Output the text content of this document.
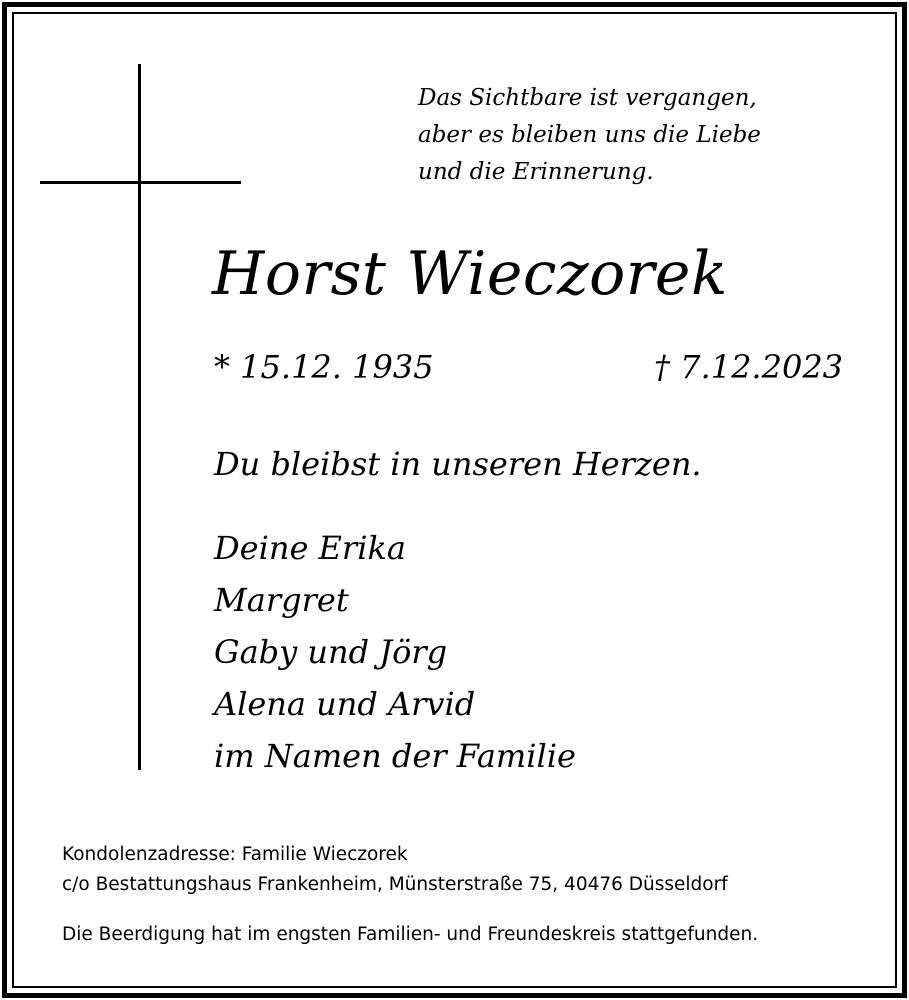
Das Sichtbare ist vergangen,
aber es bleiben uns die Liebe
und die Erinnerung.
Horst Wieczorek
* 15.12. 1935	† 7.12.2023
Du bleibst in unseren Herzen.
Deine Erika
Margret
Gaby und Jörg
Alena und Arvid
im Namen der Familie
Kondolenzadresse: Familie Wieczorek
c/o Bestattungshaus Frankenheim, Münsterstraße 75, 40476 Düsseldorf
Die Beerdigung hat im engsten Familien- und Freundeskreis stattgefunden.
